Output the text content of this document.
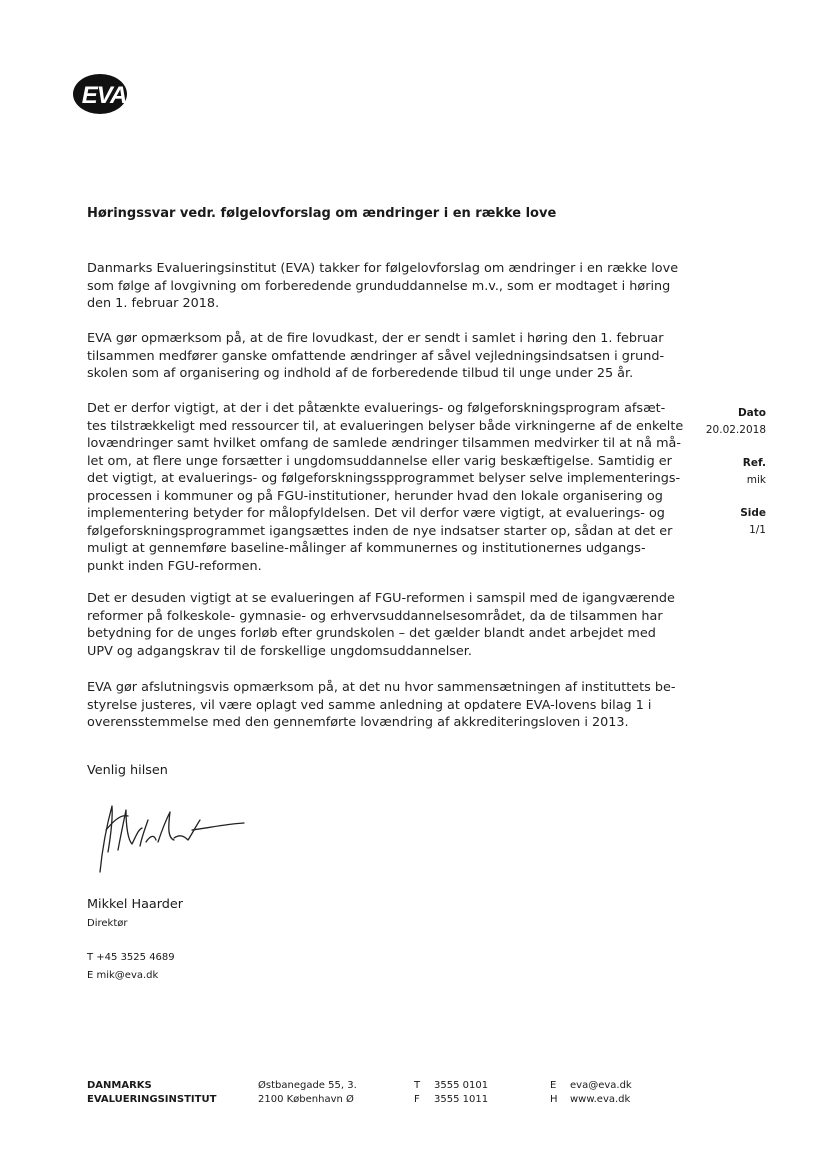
EVA
Høringssvar vedr. følgelovforslag om ændringer i en række love
Danmarks Evalueringsinstitut (EVA) takker for følgelovforslag om ændringer i en række love
som følge af lovgivning om forberedende grunduddannelse m.v., som er modtaget i høring
den 1. februar 2018.
EVA gør opmærksom på, at de fire lovudkast, der er sendt i samlet i høring den 1. februar
tilsammen medfører ganske omfattende ændringer af såvel vejledningsindsatsen i grund-
skolen som af organisering og indhold af de forberedende tilbud til unge under 25 år.
Det er derfor vigtigt, at der i det påtænkte evaluerings- og følgeforskningsprogram afsæt-
tes tilstrækkeligt med ressourcer til, at evalueringen belyser både virkningerne af de enkelte
lovændringer samt hvilket omfang de samlede ændringer tilsammen medvirker til at nå må-
let om, at flere unge forsætter i ungdomsuddannelse eller varig beskæftigelse. Samtidig er
det vigtigt, at evaluerings- og følgeforskningsspprogrammet belyser selve implementerings-
processen i kommuner og på FGU-institutioner, herunder hvad den lokale organisering og
implementering betyder for målopfyldelsen. Det vil derfor være vigtigt, at evaluerings- og
følgeforskningsprogrammet igangsættes inden de nye indsatser starter op, sådan at det er
muligt at gennemføre baseline-målinger af kommunernes og institutionernes udgangs-
punkt inden FGU-reformen.
Det er desuden vigtigt at se evalueringen af FGU-reformen i samspil med de igangværende
reformer på folkeskole- gymnasie- og erhvervsuddannelsesområdet, da de tilsammen har
betydning for de unges forløb efter grundskolen – det gælder blandt andet arbejdet med
UPV og adgangskrav til de forskellige ungdomsuddannelser.
EVA gør afslutningsvis opmærksom på, at det nu hvor sammensætningen af instituttets be-
styrelse justeres, vil være oplagt ved samme anledning at opdatere EVA-lovens bilag 1 i
overensstemmelse med den gennemførte lovændring af akkrediteringsloven i 2013.
Venlig hilsen
Mikkel Haarder
Direktør
T +45 3525 4689
E mik@eva.dk
Dato
20.02.2018
Ref.
mik
Side
1/1
DANMARKS
EVALUERINGSINSTITUT
Østbanegade 55, 3.
2100 København Ø
T 3555 0101
F 3555 1011
E eva@eva.dk
H www.eva.dk
